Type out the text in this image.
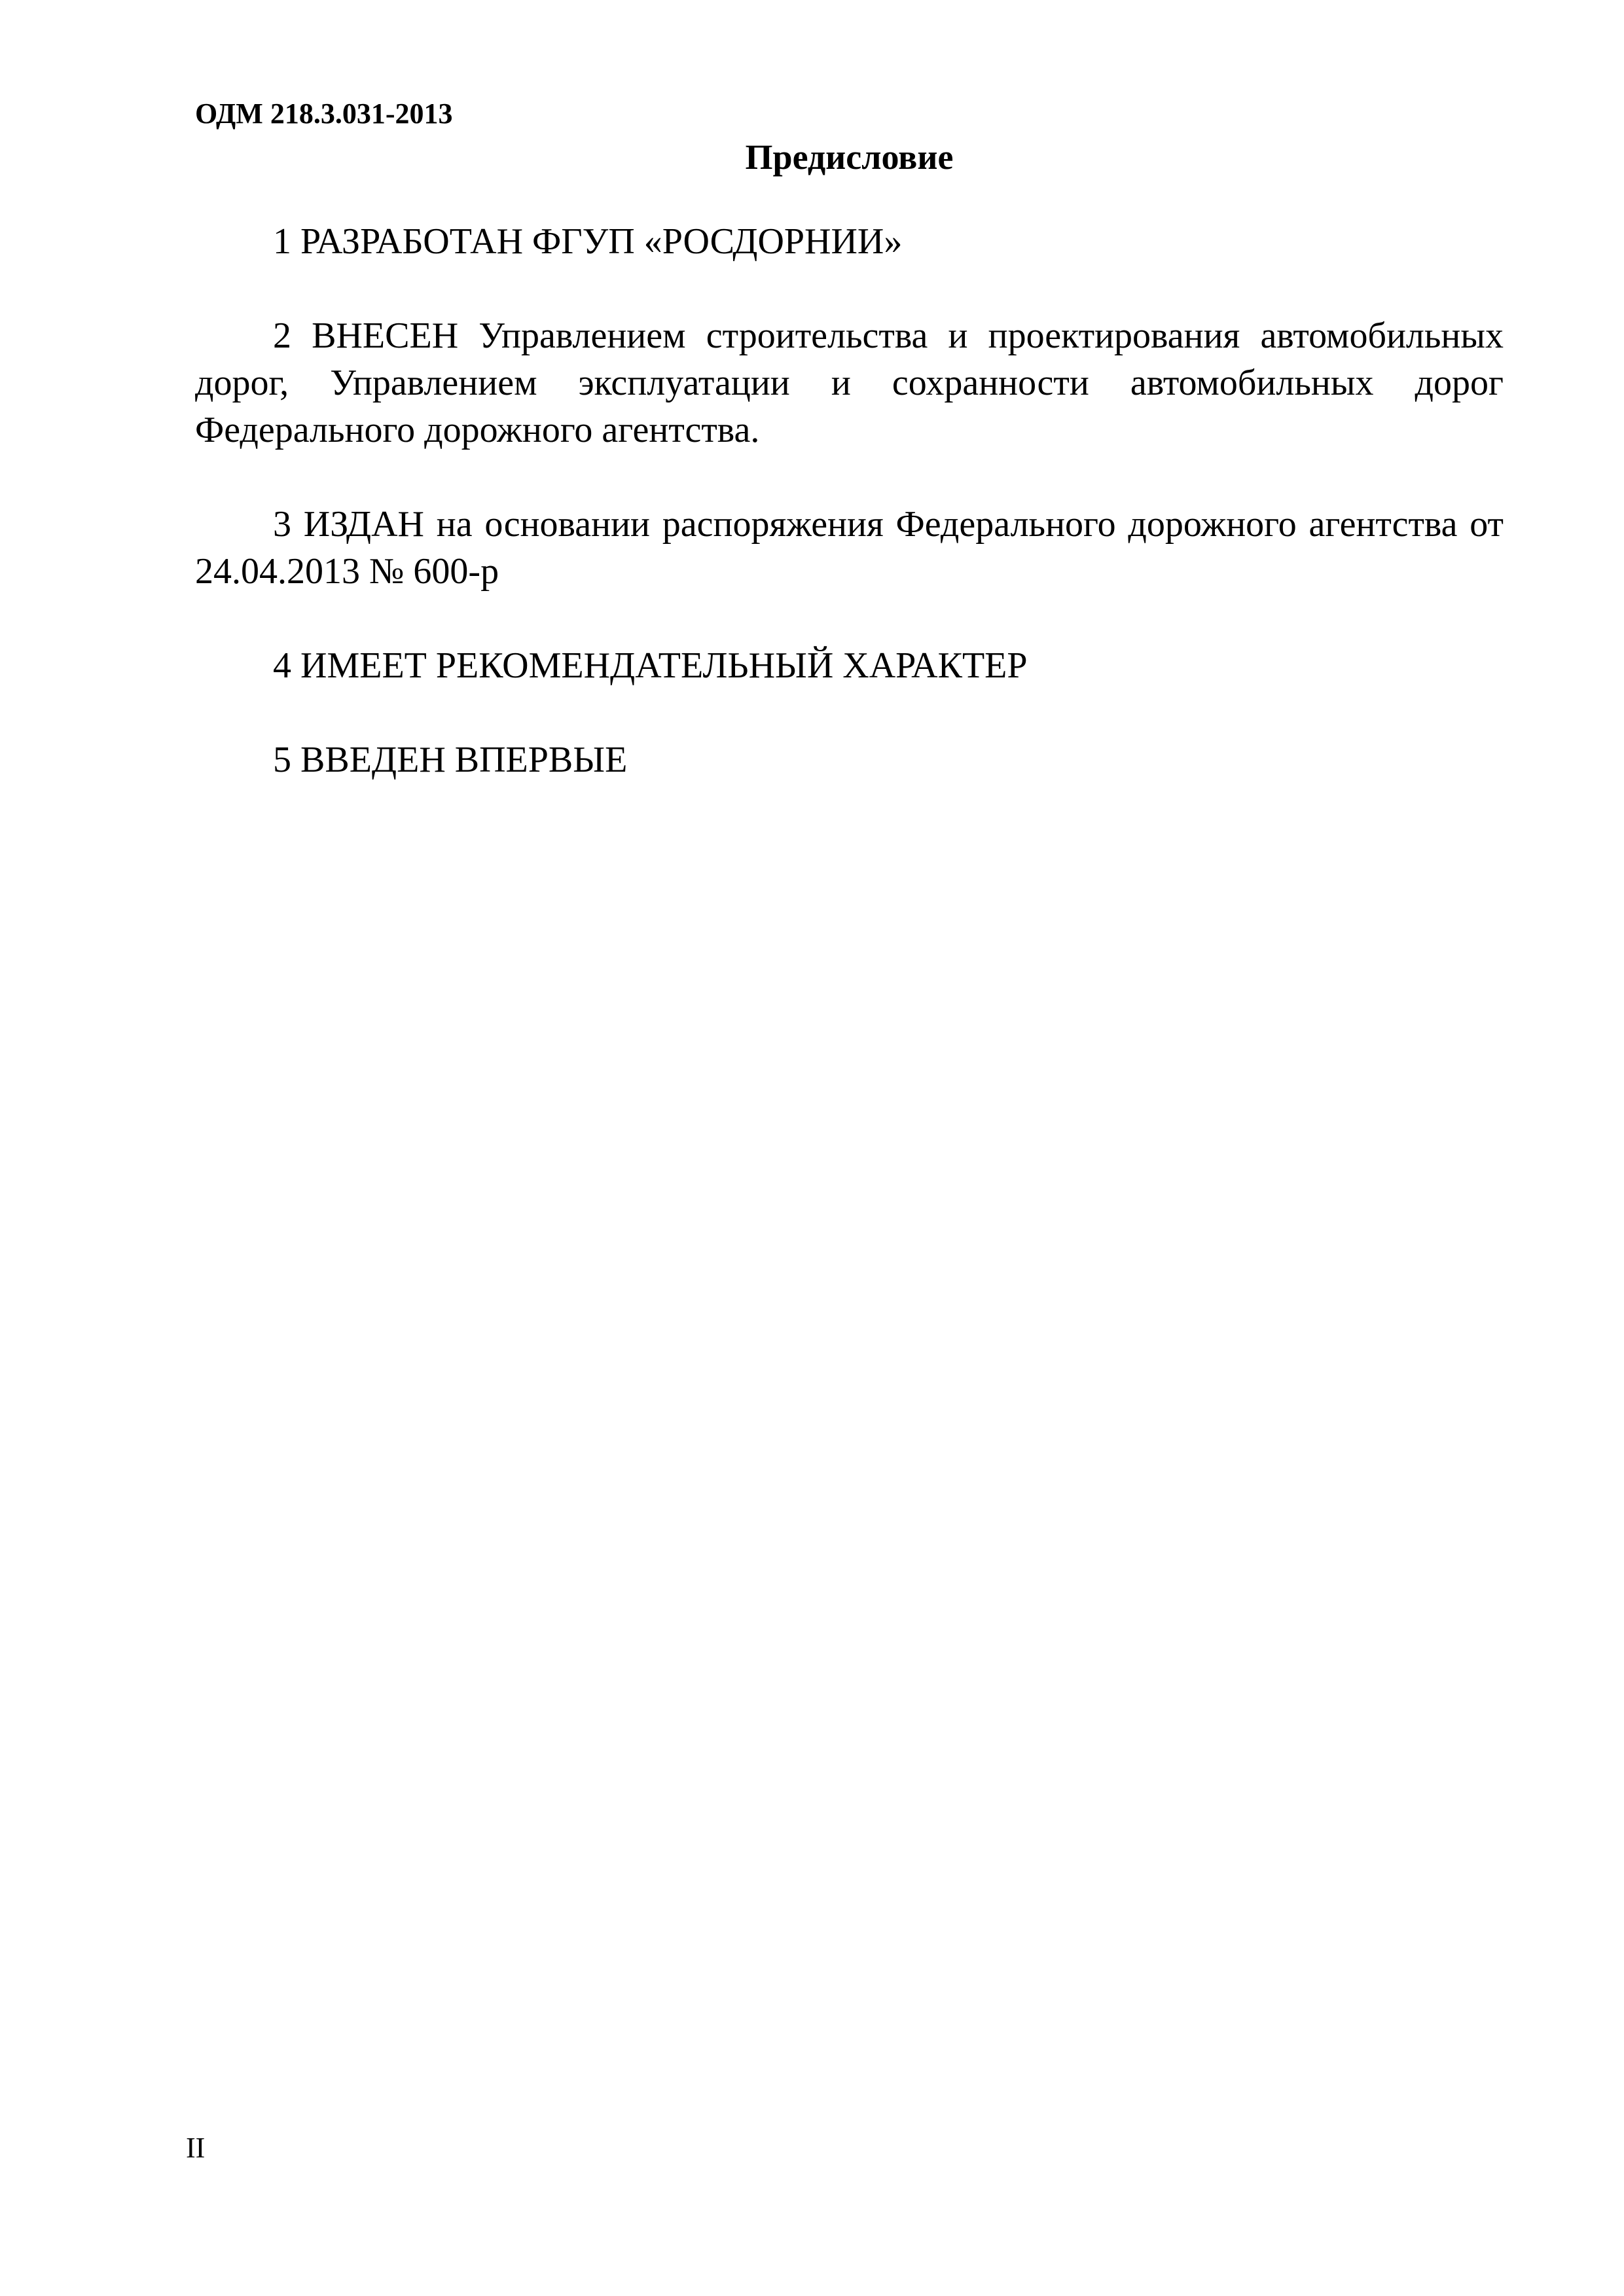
ОДМ 218.3.031-2013
Предисловие

1 РАЗРАБОТАН ФГУП «РОСДОРНИИ»

2 ВНЕСЕН Управлением строительства и проектирования автомобильных дорог, Управлением эксплуатации и сохранности автомобильных дорог Федерального дорожного агентства.

3 ИЗДАН на основании распоряжения Федерального дорожного агентства от 24.04.2013 № 600-р

4 ИМЕЕТ РЕКОМЕНДАТЕЛЬНЫЙ ХАРАКТЕР

5 ВВЕДЕН ВПЕРВЫЕ

II
